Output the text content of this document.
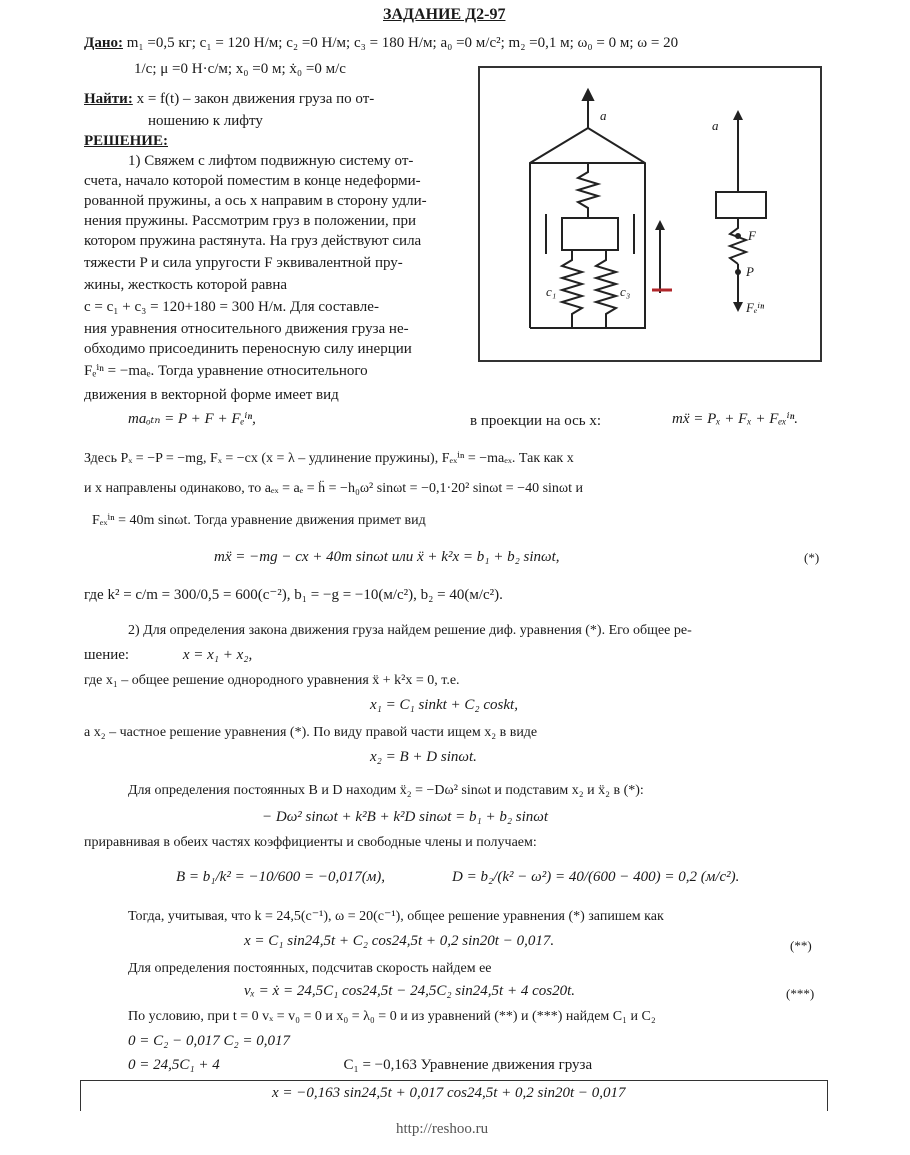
ЗАДАНИЕ Д2-97
Дано: m₁ =0,5 кг; c₁ = 120 Н/м; c₂ =0 Н/м; c₃ = 180 Н/м; a₀ =0 м/с²; m₂ =0,1 м; ω₀ = 0 м; ω = 20
1/с; μ =0 Н·с/м; x₀ =0 м; ẋ₀ =0 м/с
Найти: x = f(t) – закон движения груза по от-
ношению к лифту
РЕШЕНИЕ:
1) Свяжем с лифтом подвижную систему от-
счета, начало которой поместим в конце недеформи-
рованной пружины, а ось x направим в сторону удли-
нения пружины. Рассмотрим груз в положении, при
котором пружина растянута. На груз действуют сила
тяжести P и сила упругости F эквивалентной пру-
жины, жесткость которой равна
c = c₁ + c₃ = 120+180 = 300 Н/м. Для составле-
ния уравнения относительного движения груза не-
обходимо присоединить переносную силу инерции
Fₑⁱⁿ = −maₑ. Тогда уравнение относительного
движения в векторной форме имеет вид
a
a
c₁	c₃
F
P
Fₑⁱⁿ
maₒₜₙ = P + F + Fₑⁱⁿ,	в проекции на ось x:	mẍ = Pₓ + Fₓ + Fₑₓⁱⁿ.
Здесь Pₓ = −P = −mg, Fₓ = −cx (x = λ – удлинение пружины), Fₑₓⁱⁿ = −maₑₓ. Так как x
и x направлены одинаково, то aₑₓ = aₑ = ḧ = −h₀ω² sinωt = −0,1·20² sinωt = −40 sinωt и
Fₑₓⁱⁿ = 40m sinωt. Тогда уравнение движения примет вид
mẍ = −mg − cx + 40m sinωt или ẍ + k²x = b₁ + b₂ sinωt,	(*)
где k² = c/m = 300/0,5 = 600(c⁻²), b₁ = −g = −10(м/с²), b₂ = 40(м/с²).
2) Для определения закона движения груза найдем решение диф. уравнения (*). Его общее ре-
шение:	x = x₁ + x₂,
где x₁ – общее решение однородного уравнения ẍ + k²x = 0, т.е.
x₁ = C₁ sinkt + C₂ coskt,
а x₂ – частное решение уравнения (*). По виду правой части ищем x₂ в виде
x₂ = B + D sinωt.
Для определения постоянных B и D находим ẍ₂ = −Dω² sinωt и подставим x₂ и ẍ₂ в (*):
− Dω² sinωt + k²B + k²D sinωt = b₁ + b₂ sinωt
приравнивая в обеих частях коэффициенты и свободные члены и получаем:
B = b₁/k² = −10/600 = −0,017(м),	D = b₂/(k² − ω²) = 40/(600 − 400) = 0,2 (м/с²).
Тогда, учитывая, что k = 24,5(c⁻¹), ω = 20(c⁻¹), общее решение уравнения (*) запишем как
x = C₁ sin24,5t + C₂ cos24,5t + 0,2 sin20t − 0,017.	(**)
Для определения постоянных, подсчитав скорость найдем ее
vₓ = ẋ = 24,5C₁ cos24,5t − 24,5C₂ sin24,5t + 4 cos20t.	(***)
По условию, при t = 0 vₓ = v₀ = 0 и x₀ = λ₀ = 0 и из уравнений (**) и (***) найдем C₁ и C₂
0 = C₂ − 0,017 C₂ = 0,017
0 = 24,5C₁ + 4	C₁ = −0,163 Уравнение движения груза
x = −0,163 sin24,5t + 0,017 cos24,5t + 0,2 sin20t − 0,017
http://reshoo.ru
